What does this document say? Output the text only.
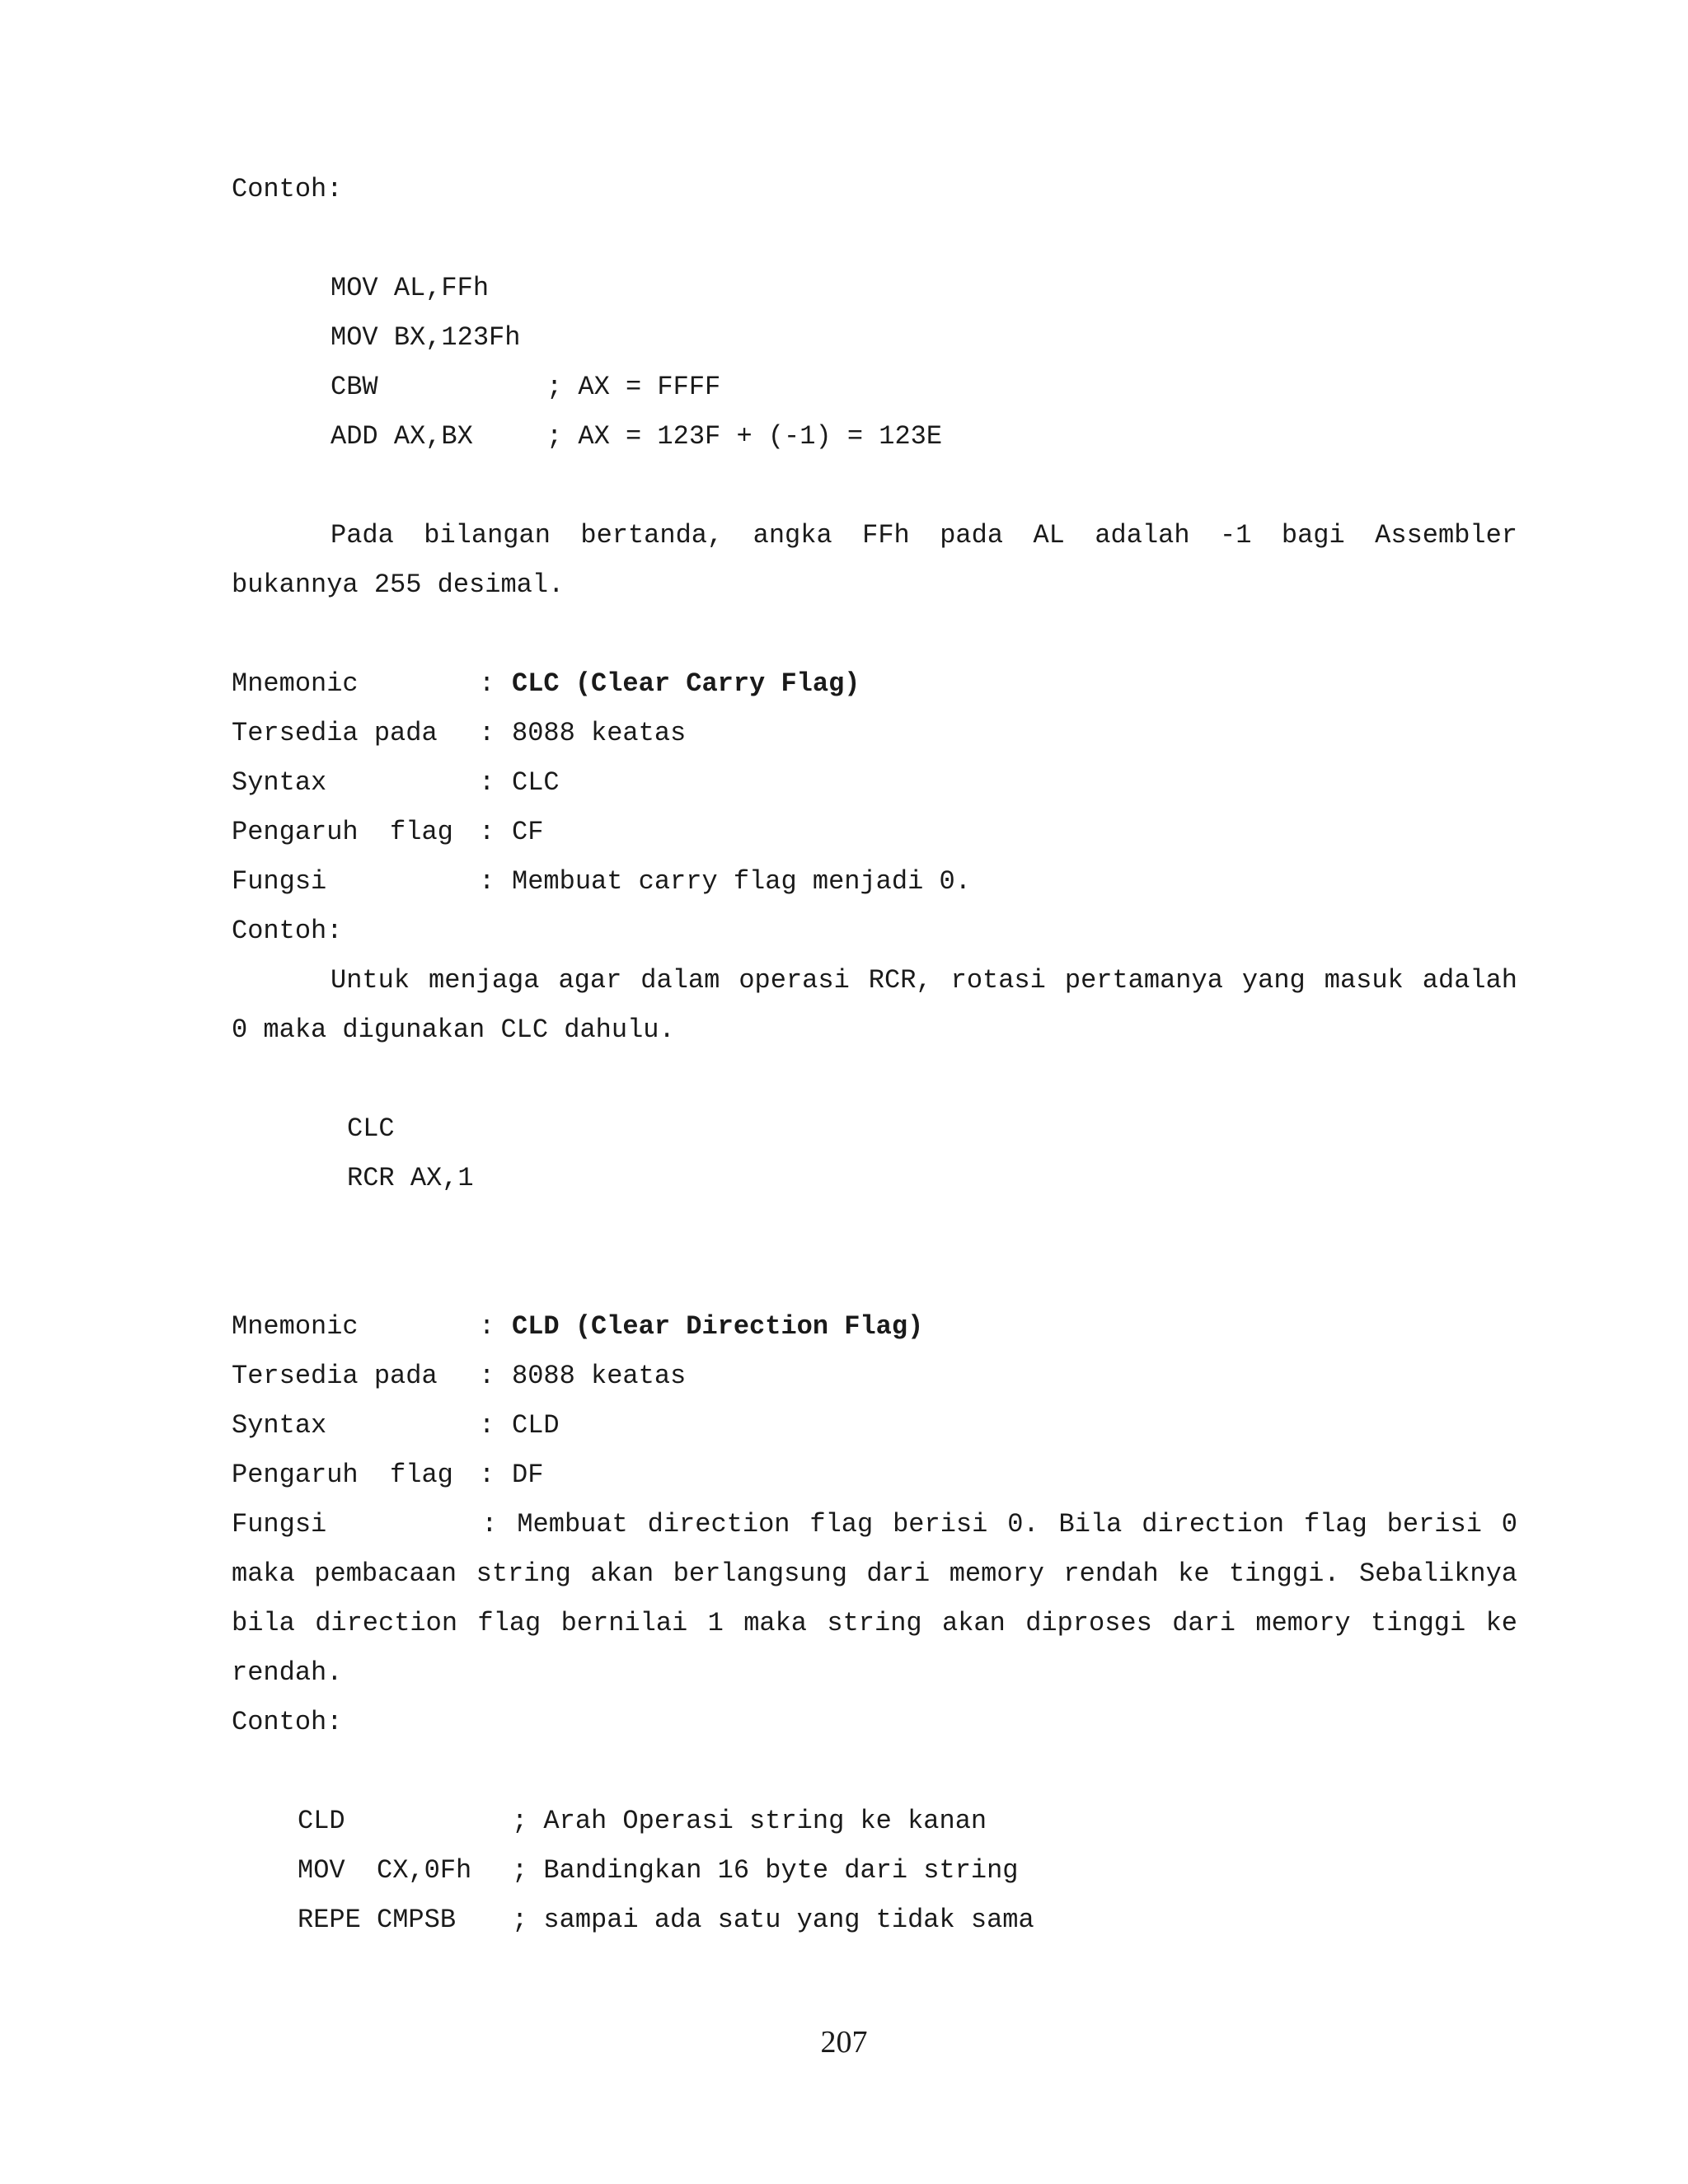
Contoh:
MOV AL,FFh
MOV BX,123Fh
CBW	; AX = FFFF
ADD AX,BX	; AX = 123F + (-1) = 123E
Pada bilangan bertanda, angka FFh pada AL adalah -1 bagi Assembler bukannya 255 desimal.
Mnemonic	: CLC (Clear Carry Flag)
Tersedia pada	: 8088 keatas
Syntax	: CLC
Pengaruh  flag : CF
Fungsi	: Membuat carry flag menjadi 0.
Contoh:
Untuk menjaga agar dalam operasi RCR, rotasi pertamanya yang masuk adalah 0 maka digunakan CLC dahulu.
CLC
RCR AX,1
Mnemonic	: CLD (Clear Direction Flag)
Tersedia pada	: 8088 keatas
Syntax	: CLD
Pengaruh  flag : DF
Fungsi	: Membuat direction flag berisi 0. Bila direction flag berisi 0 maka pembacaan string akan berlangsung dari memory rendah ke tinggi. Sebaliknya bila direction flag bernilai 1 maka string akan diproses dari memory tinggi ke rendah.
Contoh:
CLD	; Arah Operasi string ke kanan
MOV  CX,0Fh	; Bandingkan 16 byte dari string
REPE CMPSB	; sampai ada satu yang tidak sama
207
